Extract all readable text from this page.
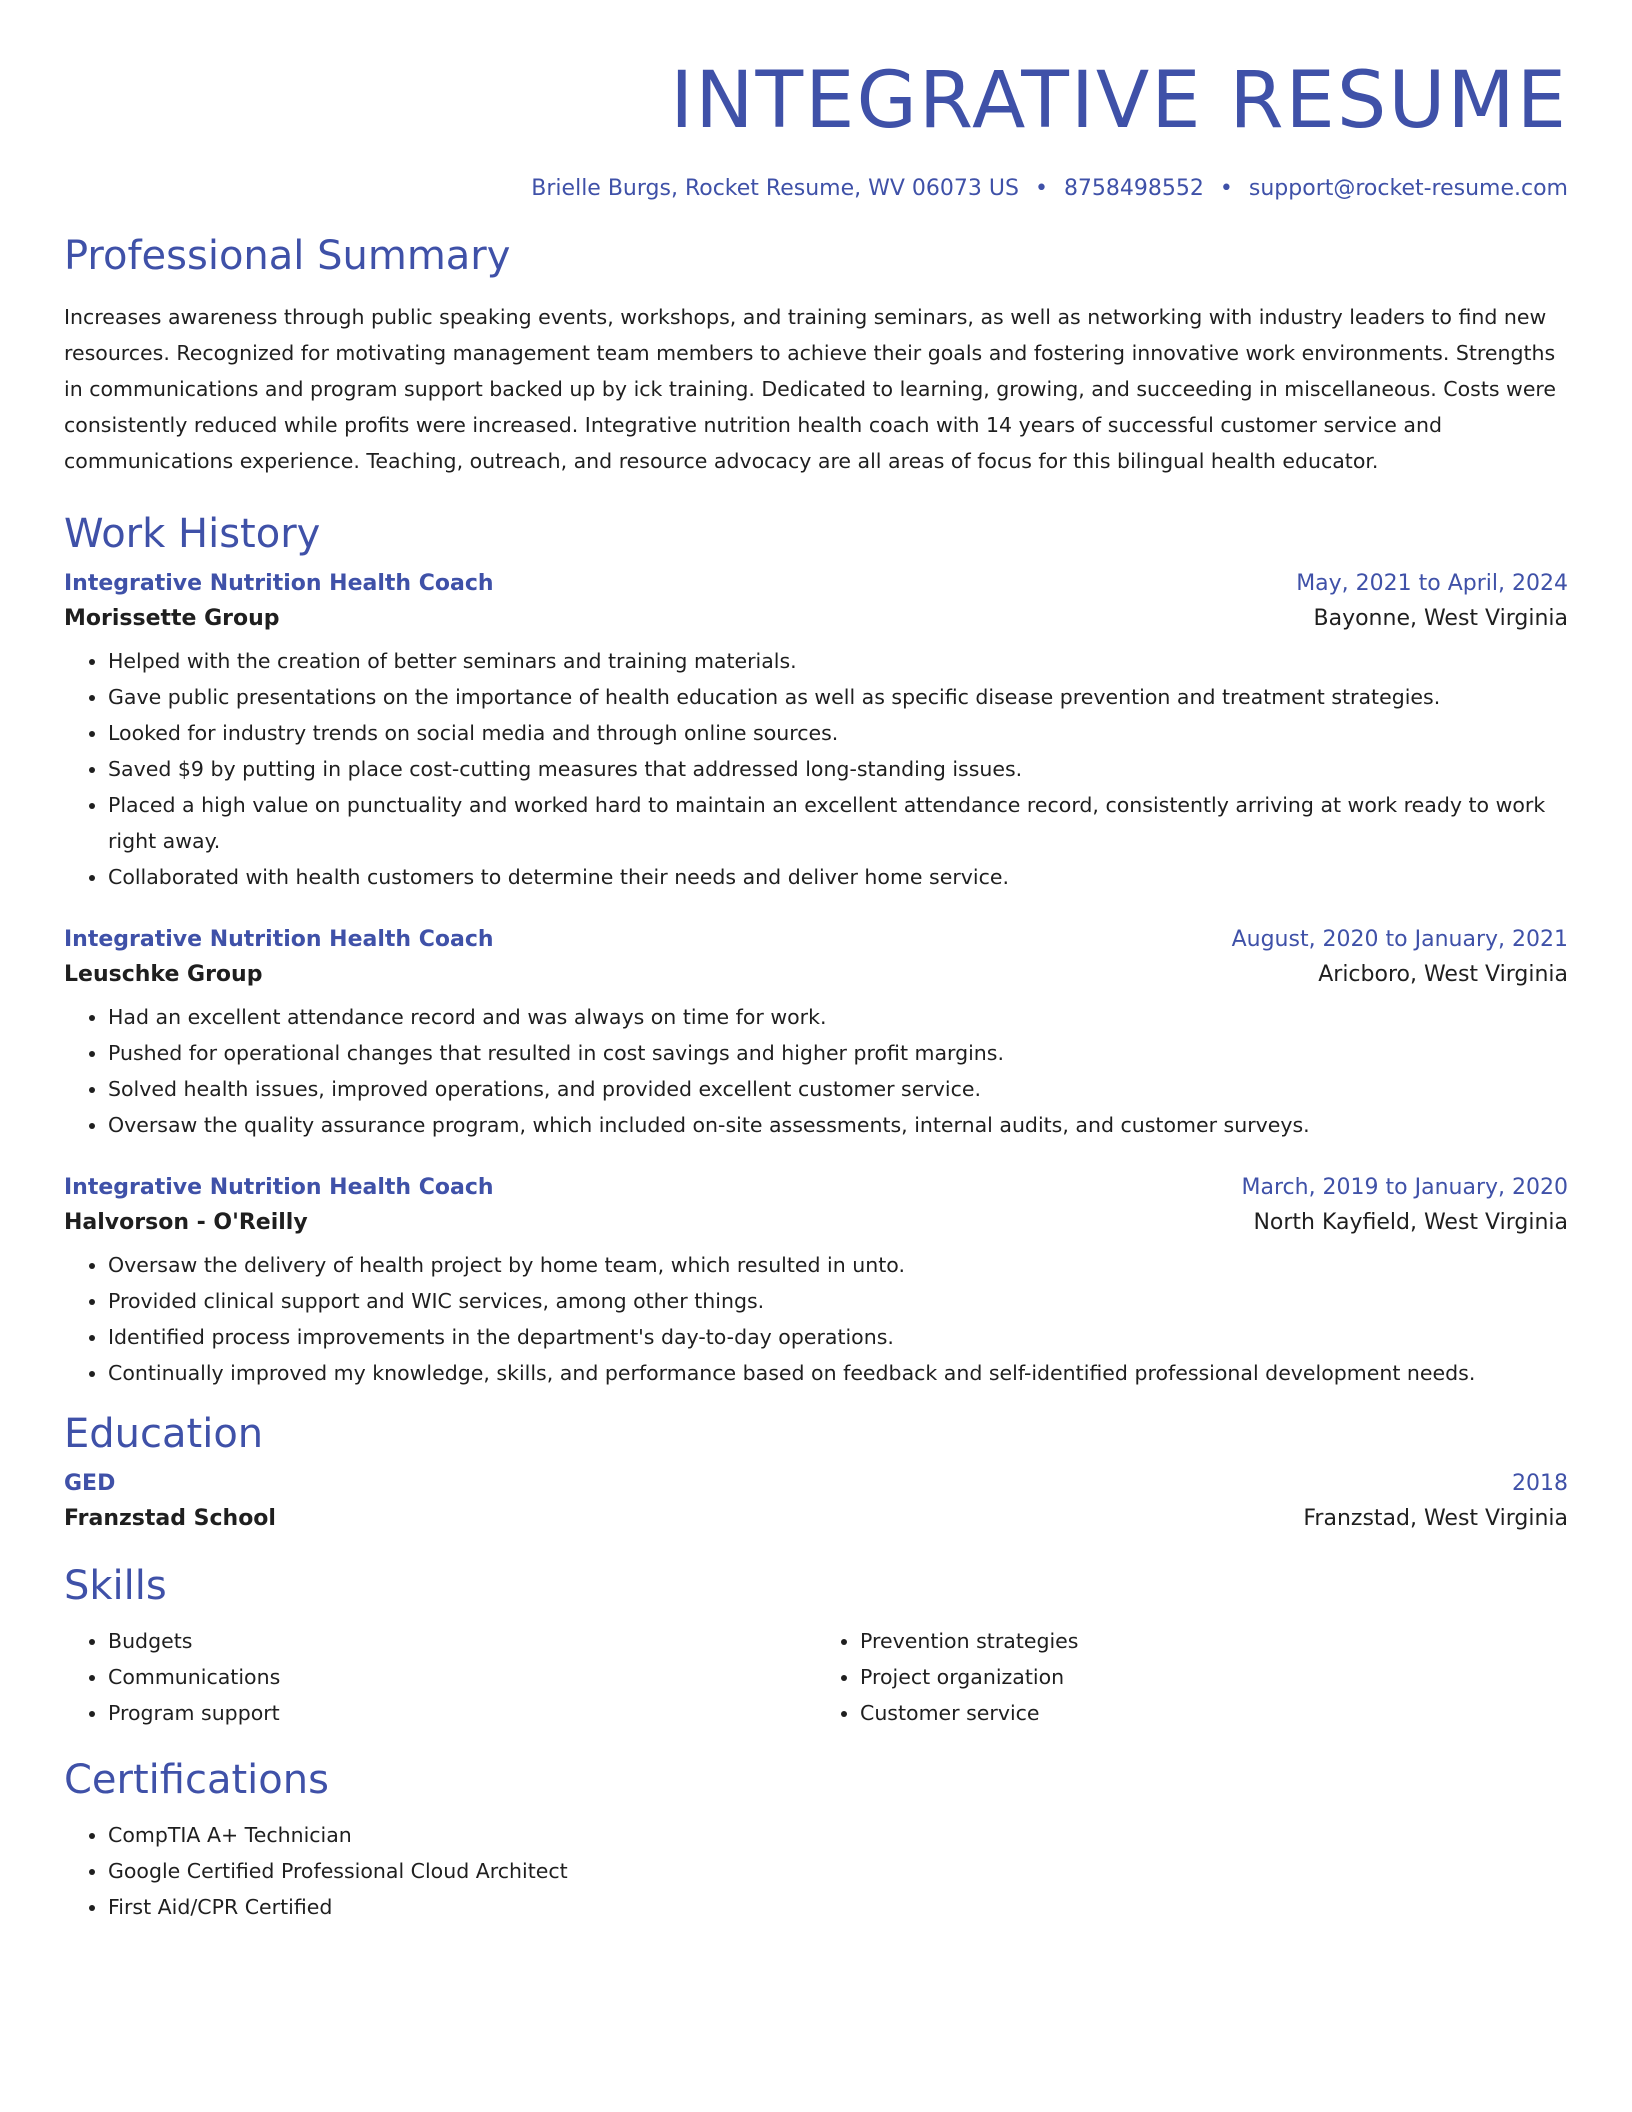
INTEGRATIVE RESUME
Brielle Burgs, Rocket Resume, WV 06073 US • 8758498552 • support@rocket-resume.com
Professional Summary
Increases awareness through public speaking events, workshops, and training seminars, as well as networking with industry leaders to find new resources. Recognized for motivating management team members to achieve their goals and fostering innovative work environments. Strengths in communications and program support backed up by ick training. Dedicated to learning, growing, and succeeding in miscellaneous. Costs were consistently reduced while profits were increased. Integrative nutrition health coach with 14 years of successful customer service and communications experience. Teaching, outreach, and resource advocacy are all areas of focus for this bilingual health educator.
Work History
Integrative Nutrition Health Coach	May, 2021 to April, 2024
Morissette Group	Bayonne, West Virginia
• Helped with the creation of better seminars and training materials.
• Gave public presentations on the importance of health education as well as specific disease prevention and treatment strategies.
• Looked for industry trends on social media and through online sources.
• Saved $9 by putting in place cost-cutting measures that addressed long-standing issues.
• Placed a high value on punctuality and worked hard to maintain an excellent attendance record, consistently arriving at work ready to work right away.
• Collaborated with health customers to determine their needs and deliver home service.
Integrative Nutrition Health Coach	August, 2020 to January, 2021
Leuschke Group	Aricboro, West Virginia
• Had an excellent attendance record and was always on time for work.
• Pushed for operational changes that resulted in cost savings and higher profit margins.
• Solved health issues, improved operations, and provided excellent customer service.
• Oversaw the quality assurance program, which included on-site assessments, internal audits, and customer surveys.
Integrative Nutrition Health Coach	March, 2019 to January, 2020
Halvorson - O'Reilly	North Kayfield, West Virginia
• Oversaw the delivery of health project by home team, which resulted in unto.
• Provided clinical support and WIC services, among other things.
• Identified process improvements in the department's day-to-day operations.
• Continually improved my knowledge, skills, and performance based on feedback and self-identified professional development needs.
Education
GED	2018
Franzstad School	Franzstad, West Virginia
Skills
• Budgets
• Communications
• Program support
• Prevention strategies
• Project organization
• Customer service
Certifications
• CompTIA A+ Technician
• Google Certified Professional Cloud Architect
• First Aid/CPR Certified
